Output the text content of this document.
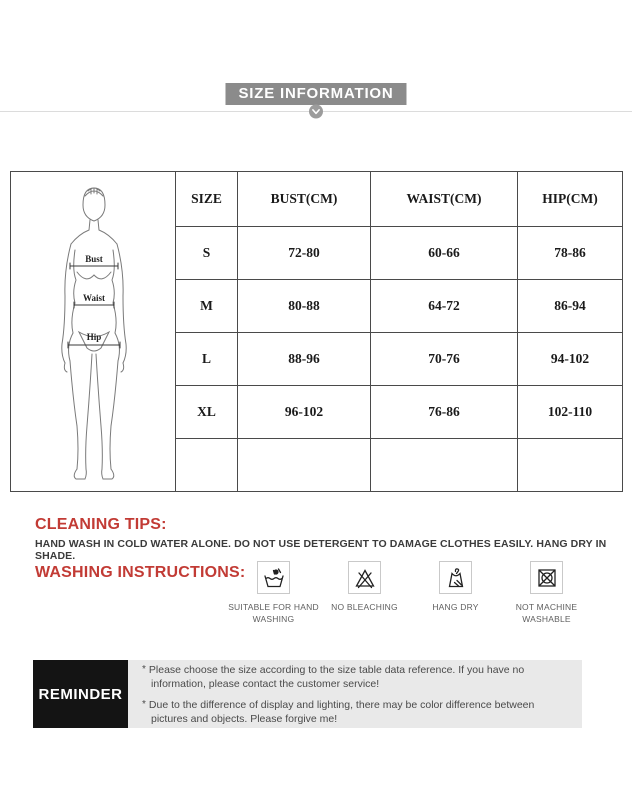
SIZE INFORMATION
Bust
Waist
Hip	SIZE	BUST(CM)	WAIST(CM)	HIP(CM)
	S	72-80	60-66	78-86
	M	80-88	64-72	86-94
	L	88-96	70-76	94-102
	XL	96-102	76-86	102-110

CLEANING TIPS:
HAND WASH IN COLD WATER ALONE. DO NOT USE DETERGENT TO DAMAGE CLOTHES EASILY. HANG DRY IN SHADE.
WASHING INSTRUCTIONS:
SUITABLE FOR HAND WASHING
NO BLEACHING	HANG DRY	NOT MACHINE WASHABLE
REMINDER
* Please choose the size according to the size table data reference. If you have no information, please contact the customer service!
* Due to the difference of display and lighting, there may be color difference between pictures and objects. Please forgive me!
